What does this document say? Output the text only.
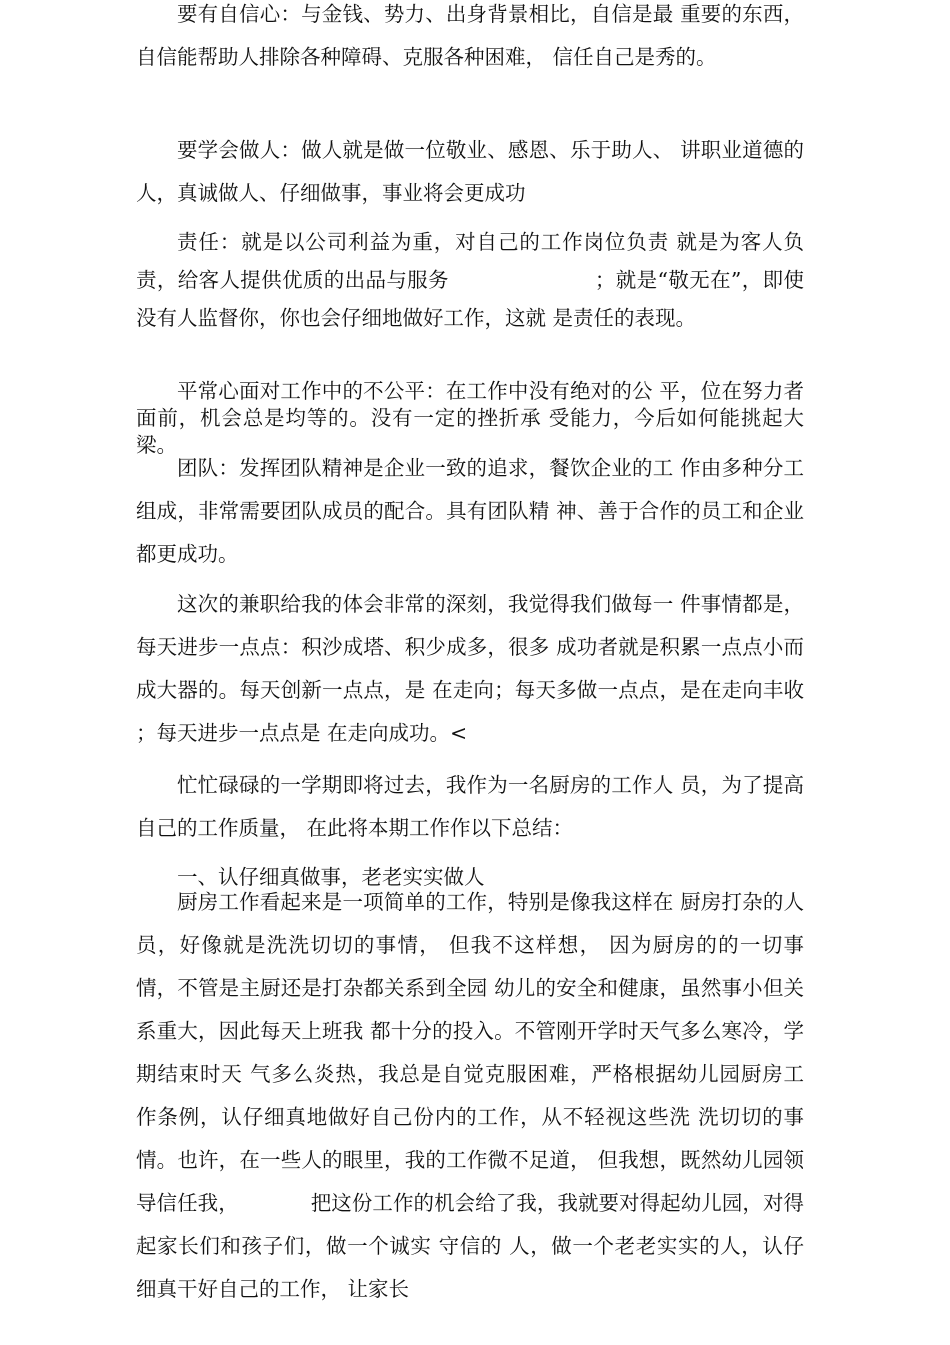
要有自信心：与金钱、势力、出身背景相比，自信是最 重要的东西，自信能帮助人排除各种障碍、克服各种困难， 信任自己是秀的。

要学会做人：做人就是做一位敬业、感恩、乐于助人、 讲职业道德的人，真诚做人、仔细做事，事业将会更成功

责任：就是以公司利益为重，对自己的工作岗位负责 就是为客人负责，给客人提供优质的出品与服务　　　　　　　；就是“敬无在”，即使没有人监督你，你也会仔细地做好工作，这就 是责任的表现。

平常心面对工作中的不公平：在工作中没有绝对的公 平，位在努力者面前，机会总是均等的。没有一定的挫折承 受能力，今后如何能挑起大梁。

团队：发挥团队精神是企业一致的追求，餐饮企业的工 作由多种分工组成，非常需要团队成员的配合。具有团队精 神、善于合作的员工和企业都更成功。

这次的兼职给我的体会非常的深刻，我觉得我们做每一 件事情都是，每天进步一点点：积沙成塔、积少成多，很多 成功者就是积累一点点小而成大器的。每天创新一点点，是 在走向；每天多做一点点，是在走向丰收 ；每天进步一点点是 在走向成功。<

忙忙碌碌的一学期即将过去，我作为一名厨房的工作人 员，为了提高自己的工作质量， 在此将本期工作作以下总结：

一、认仔细真做事，老老实实做人

厨房工作看起来是一项简单的工作，特别是像我这样在 厨房打杂的人员，好像就是洗洗切切的事情， 但我不这样想， 因为厨房的的一切事情，不管是主厨还是打杂都关系到全园 幼儿的安全和健康，虽然事小但关系重大，因此每天上班我 都十分的投入。不管刚开学时天气多么寒冷，学期结束时天 气多么炎热，我总是自觉克服困难，严格根据幼儿园厨房工 作条例，认仔细真地做好自己份内的工作，从不轻视这些洗 洗切切的事情。也许，在一些人的眼里，我的工作微不足道， 但我想，既然幼儿园领导信任我，　　　　把这份工作的机会给了我，我就要对得起幼儿园，对得起家长们和孩子们，做一个诚实 守信的 人，做一个老老实实的人，认仔细真干好自己的工作， 让家长
